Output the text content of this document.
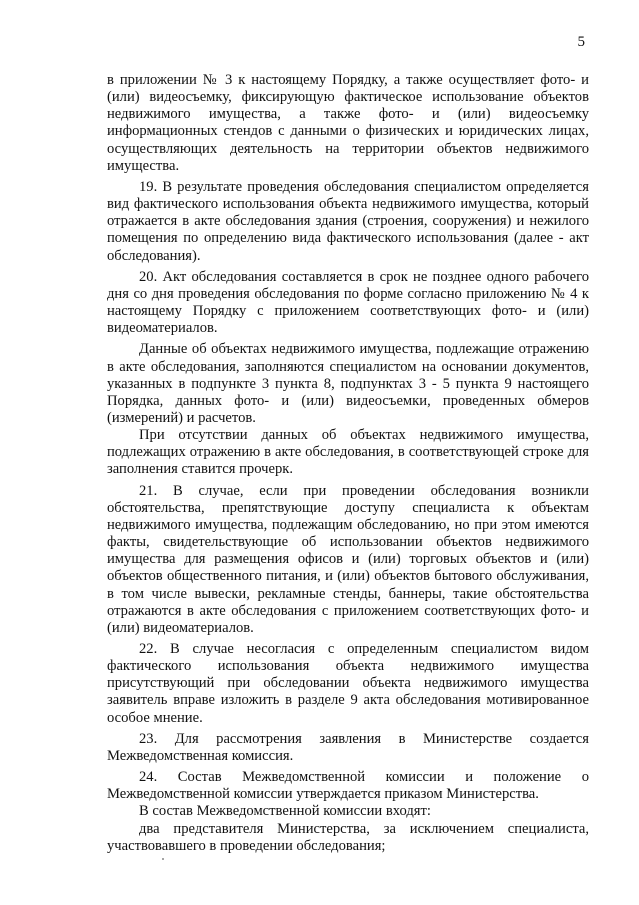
5

в приложении № 3 к настоящему Порядку, а также осуществляет фото- и (или) видеосъемку, фиксирующую фактическое использование объектов недвижимого имущества, а также фото- и (или) видеосъемку информационных стендов с данными о физических и юридических лицах, осуществляющих деятельность на территории объектов недвижимого имущества.

19. В результате проведения обследования специалистом определяется вид фактического использования объекта недвижимого имущества, который отражается в акте обследования здания (строения, сооружения) и нежилого помещения по определению вида фактического использования (далее - акт обследования).

20. Акт обследования составляется в срок не позднее одного рабочего дня со дня проведения обследования по форме согласно приложению № 4 к настоящему Порядку с приложением соответствующих фото- и (или) видеоматериалов.

Данные об объектах недвижимого имущества, подлежащие отражению в акте обследования, заполняются специалистом на основании документов, указанных в подпункте 3 пункта 8, подпунктах 3 - 5 пункта 9 настоящего Порядка, данных фото- и (или) видеосъемки, проведенных обмеров (измерений) и расчетов.

При отсутствии данных об объектах недвижимого имущества, подлежащих отражению в акте обследования, в соответствующей строке для заполнения ставится прочерк.

21. В случае, если при проведении обследования возникли обстоятельства, препятствующие доступу специалиста к объектам недвижимого имущества, подлежащим обследованию, но при этом имеются факты, свидетельствующие об использовании объектов недвижимого имущества для размещения офисов и (или) торговых объектов и (или) объектов общественного питания, и (или) объектов бытового обслуживания, в том числе вывески, рекламные стенды, баннеры, такие обстоятельства отражаются в акте обследования с приложением соответствующих фото- и (или) видеоматериалов.

22. В случае несогласия с определенным специалистом видом фактического использования объекта недвижимого имущества присутствующий при обследовании объекта недвижимого имущества заявитель вправе изложить в разделе 9 акта обследования мотивированное особое мнение.

23. Для рассмотрения заявления в Министерстве создается Межведомственная комиссия.

24. Состав Межведомственной комиссии и положение о Межведомственной комиссии утверждается приказом Министерства.

В состав Межведомственной комиссии входят:

два представителя Министерства, за исключением специалиста, участвовавшего в проведении обследования;
